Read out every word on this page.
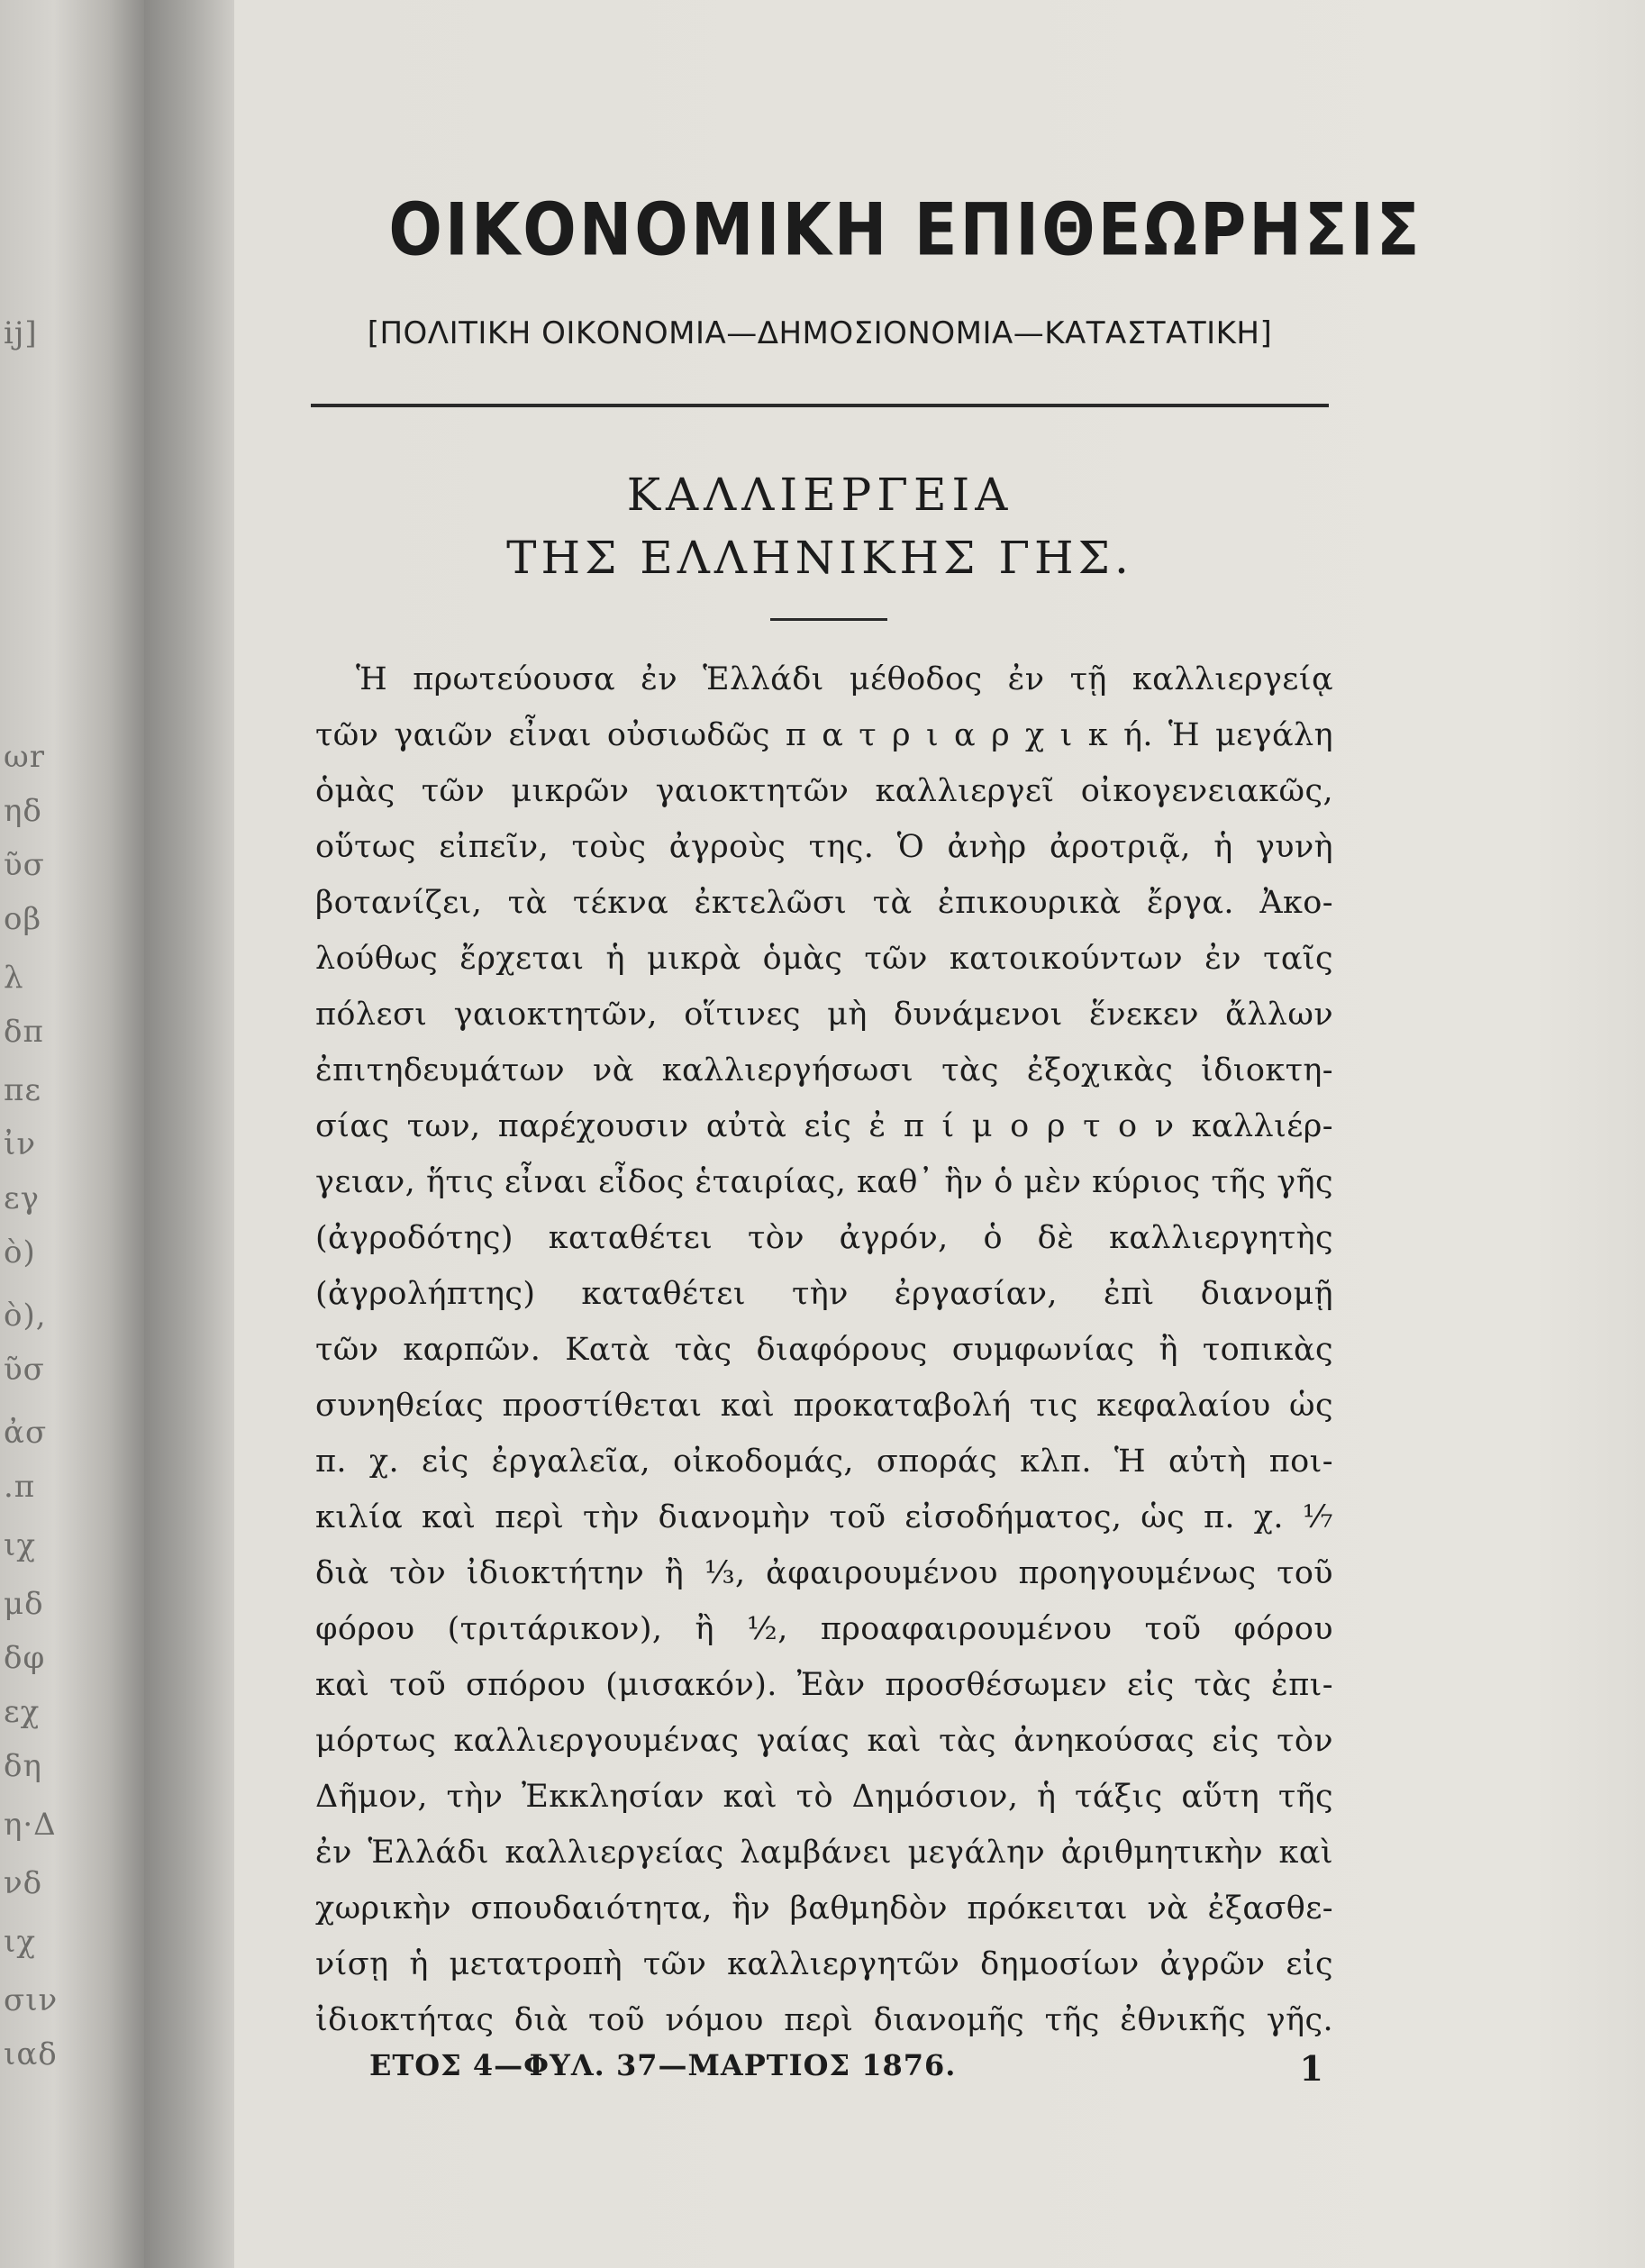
ij]
ωr
ηδ
ῦσ
οβ
λ
δπ
πε
ἰν
εγ
ὸ)
ὸ),
ῦσ
ἀσ
.π
ιχ
μδ
δφ
εχ
δη
η·Δ
νδ
ιχ
σιν
ιαδ
ΟΙΚΟΝΟΜΙΚΗ ΕΠΙΘΕΩΡΗΣΙΣ
[ΠΟΛΙΤΙΚΗ ΟΙΚΟΝΟΜΙΑ—ΔΗΜΟΣΙΟΝΟΜΙΑ—ΚΑΤΑΣΤΑΤΙΚΗ]
ΚΑΛΛΙΕΡΓΕΙΑ
ΤΗΣ ΕΛΛΗΝΙΚΗΣ ΓΗΣ.
Ἡ πρωτεύουσα ἐν Ἑλλάδι μέθοδος ἐν τῇ καλλιεργείᾳ
τῶν γαιῶν εἶναι οὐσιωδῶς π α τ ρ ι α ρ χ ι κ ή. Ἡ μεγάλη
ὁμὰς τῶν μικρῶν γαιοκτητῶν καλλιεργεῖ οἰκογενειακῶς,
οὕτως εἰπεῖν, τοὺς ἀγροὺς της. Ὁ ἀνὴρ ἀροτριᾷ, ἡ γυνὴ
βοτανίζει, τὰ τέκνα ἐκτελῶσι τὰ ἐπικουρικὰ ἔργα. Ἀκο-
λούθως ἔρχεται ἡ μικρὰ ὁμὰς τῶν κατοικούντων ἐν ταῖς
πόλεσι γαιοκτητῶν, οἵτινες μὴ δυνάμενοι ἕνεκεν ἄλλων
ἐπιτηδευμάτων νὰ καλλιεργήσωσι τὰς ἐξοχικὰς ἰδιοκτη-
σίας των, παρέχουσιν αὐτὰ εἰς ἐ π ί μ ο ρ τ ο ν καλλιέρ-
γειαν, ἥτις εἶναι εἶδος ἑταιρίας, καθ᾽ ἣν ὁ μὲν κύριος τῆς γῆς
(ἀγροδότης) καταθέτει τὸν ἀγρόν, ὁ δὲ καλλιεργητὴς
(ἀγρολήπτης) καταθέτει τὴν ἐργασίαν, ἐπὶ διανομῇ
τῶν καρπῶν. Κατὰ τὰς διαφόρους συμφωνίας ἢ τοπικὰς
συνηθείας προστίθεται καὶ προκαταβολή τις κεφαλαίου ὡς
π. χ. εἰς ἐργαλεῖα, οἰκοδομάς, σποράς κλπ. Ἡ αὐτὴ ποι-
κιλία καὶ περὶ τὴν διανομὴν τοῦ εἰσοδήματος, ὡς π. χ. ⅐
διὰ τὸν ἰδιοκτήτην ἢ ⅓, ἀφαιρουμένου προηγουμένως τοῦ
φόρου (τριτάρικον), ἢ ½, προαφαιρουμένου τοῦ φόρου
καὶ τοῦ σπόρου (μισακόν). Ἐὰν προσθέσωμεν εἰς τὰς ἐπι-
μόρτως καλλιεργουμένας γαίας καὶ τὰς ἀνηκούσας εἰς τὸν
Δῆμον, τὴν Ἐκκλησίαν καὶ τὸ Δημόσιον, ἡ τάξις αὕτη τῆς
ἐν Ἑλλάδι καλλιεργείας λαμβάνει μεγάλην ἀριθμητικὴν καὶ
χωρικὴν σπουδαιότητα, ἣν βαθμηδὸν πρόκειται νὰ ἐξασθε-
νίσῃ ἡ μετατροπὴ τῶν καλλιεργητῶν δημοσίων ἀγρῶν εἰς
ἰδιοκτήτας διὰ τοῦ νόμου περὶ διανομῆς τῆς ἐθνικῆς γῆς.
ΕΤΟΣ 4—ΦΥΛ. 37—ΜΑΡΤΙΟΣ 1876.	1
